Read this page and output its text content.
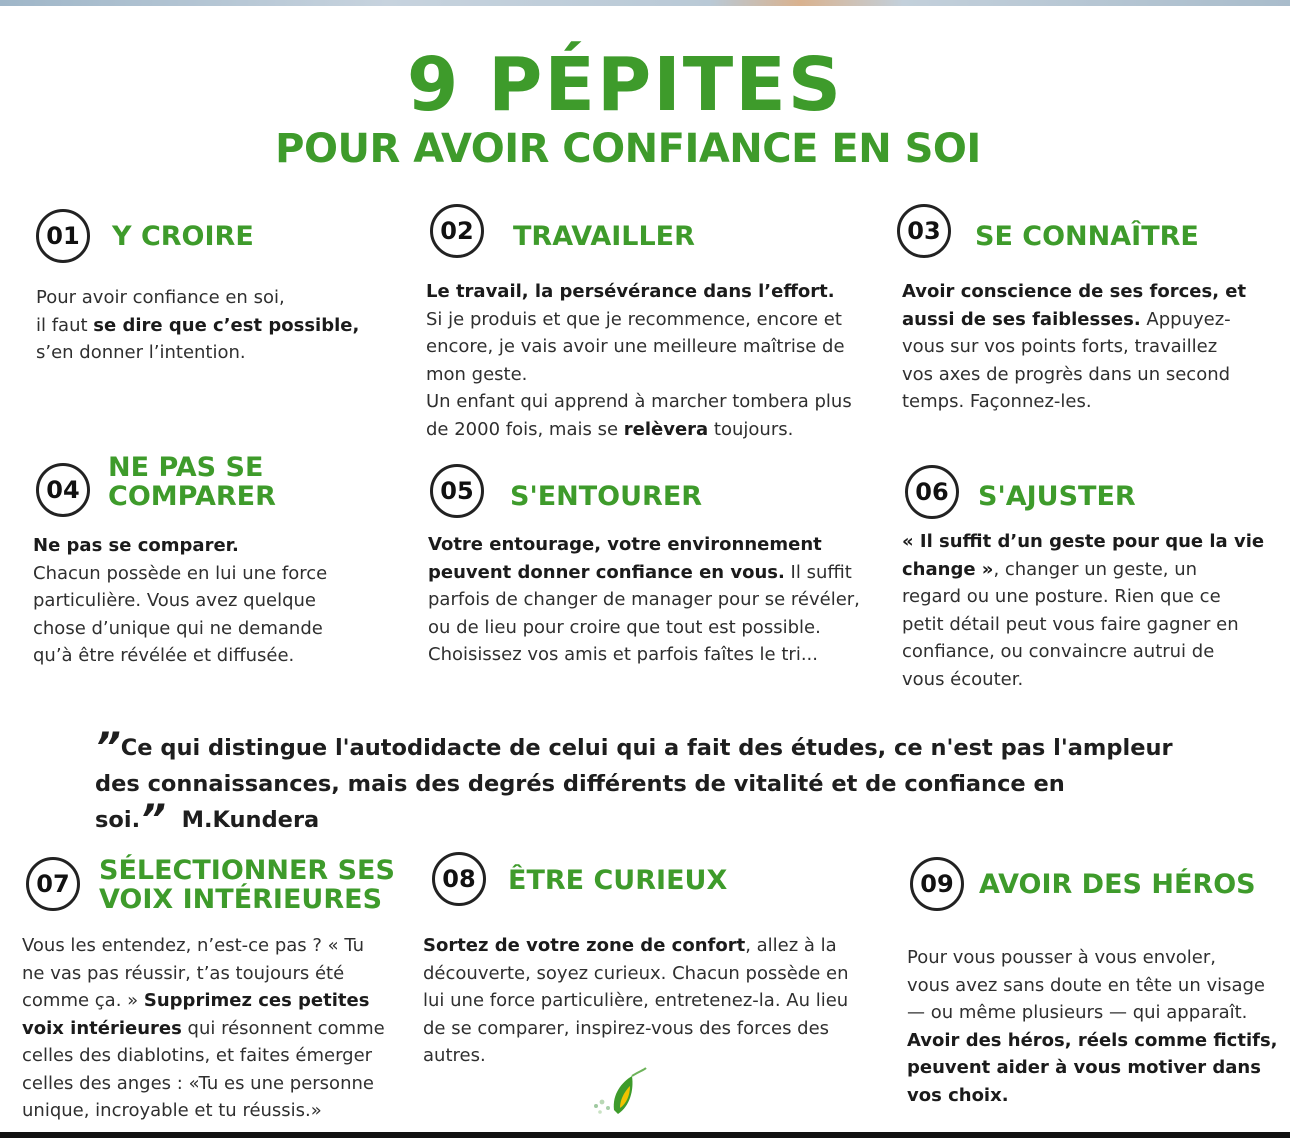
9 PÉPITES
POUR AVOIR CONFIANCE EN SOI
01	Y CROIRE
Pour avoir confiance en soi,
il faut se dire que c’est possible,
s’en donner l’intention.
02	TRAVAILLER
Le travail, la persévérance dans l’effort.
Si je produis et que je recommence, encore et
encore, je vais avoir une meilleure maîtrise de
mon geste.
Un enfant qui apprend à marcher tombera plus
de 2000 fois, mais se relèvera toujours.
03	SE CONNAÎTRE
Avoir conscience de ses forces, et
aussi de ses faiblesses. Appuyez-
vous sur vos points forts, travaillez
vos axes de progrès dans un second
temps. Façonnez-les.
04
NE PAS SE COMPARER
Ne pas se comparer.
Chacun possède en lui une force
particulière. Vous avez quelque
chose d’unique qui ne demande
qu’à être révélée et diffusée.
05	S'ENTOURER
Votre entourage, votre environnement
peuvent donner confiance en vous. Il suffit
parfois de changer de manager pour se révéler,
ou de lieu pour croire que tout est possible.
Choisissez vos amis et parfois faîtes le tri...
06	S'AJUSTER
« Il suffit d’un geste pour que la vie
change », changer un geste, un
regard ou une posture. Rien que ce
petit détail peut vous faire gagner en
confiance, ou convaincre autrui de
vous écouter.
”Ce qui distingue l'autodidacte de celui qui a fait des études, ce n'est pas l'ampleur des connaissances, mais des degrés différents de vitalité et de confiance en soi.” M.Kundera
07	SÉLECTIONNER SES VOIX INTÉRIEURES
Vous les entendez, n’est-ce pas ? « Tu
ne vas pas réussir, t’as toujours été
comme ça. » Supprimez ces petites
voix intérieures qui résonnent comme
celles des diablotins, et faites émerger
celles des anges : «Tu es une personne
unique, incroyable et tu réussis.»
08	ÊTRE CURIEUX
Sortez de votre zone de confort, allez à la
découverte, soyez curieux. Chacun possède en
lui une force particulière, entretenez-la. Au lieu
de se comparer, inspirez-vous des forces des
autres.
09 AVOIR DES HÉROS
Pour vous pousser à vous envoler,
vous avez sans doute en tête un visage
— ou même plusieurs — qui apparaît.
Avoir des héros, réels comme fictifs,
peuvent aider à vous motiver dans
vos choix.
